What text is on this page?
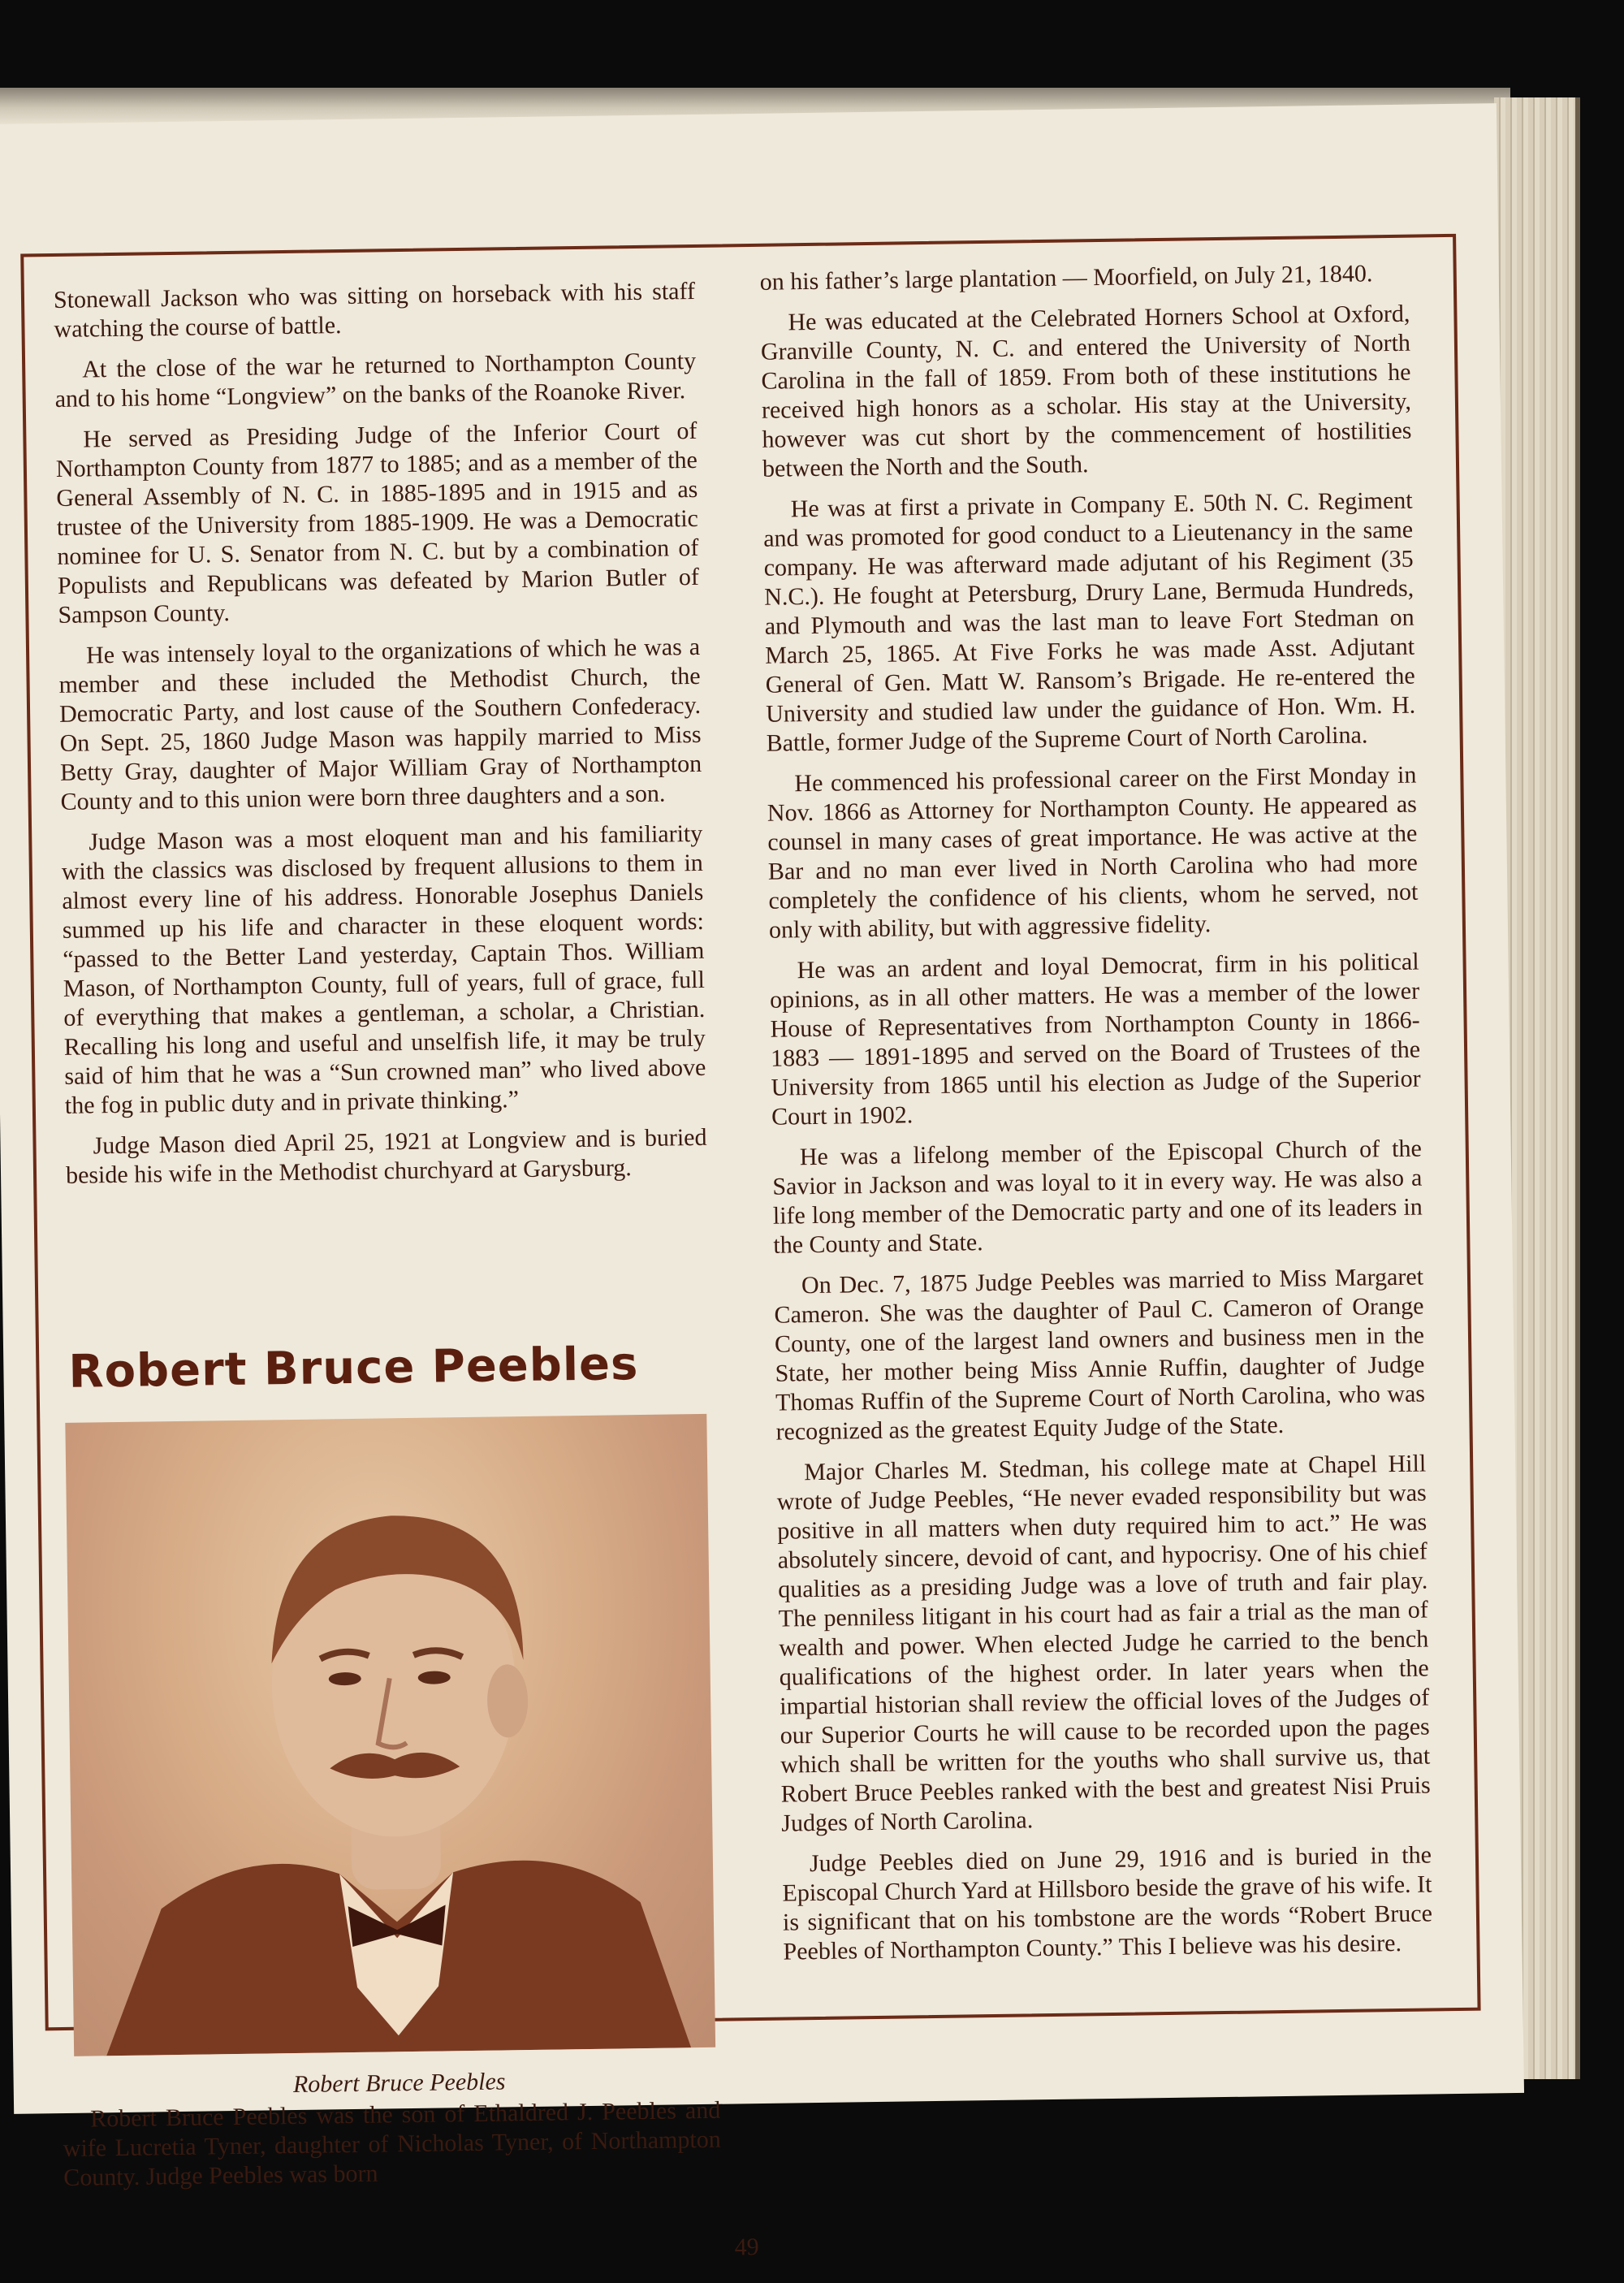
Stonewall Jackson who was sitting on horseback with his staff watching the course of battle.

At the close of the war he returned to Northampton County and to his home “Longview” on the banks of the Roanoke River.

He served as Presiding Judge of the Inferior Court of Northampton County from 1877 to 1885; and as a member of the General Assembly of N. C. in 1885-1895 and in 1915 and as trustee of the University from 1885-1909. He was a Democratic nominee for U. S. Senator from N. C. but by a combination of Populists and Republicans was defeated by Marion Butler of Sampson County.

He was intensely loyal to the organizations of which he was a member and these included the Methodist Church, the Democratic Party, and lost cause of the Southern Confederacy. On Sept. 25, 1860 Judge Mason was happily married to Miss Betty Gray, daughter of Major William Gray of Northampton County and to this union were born three daughters and a son.

Judge Mason was a most eloquent man and his familiarity with the classics was disclosed by frequent allusions to them in almost every line of his address. Honorable Josephus Daniels summed up his life and character in these eloquent words: “passed to the Better Land yesterday, Captain Thos. William Mason, of Northampton County, full of years, full of grace, full of everything that makes a gentleman, a scholar, a Christian. Recalling his long and useful and unselfish life, it may be truly said of him that he was a “Sun crowned man” who lived above the fog in public duty and in private thinking.”

Judge Mason died April 25, 1921 at Longview and is buried beside his wife in the Methodist churchyard at Garysburg.

Robert Bruce Peebles
Robert Bruce Peebles

Robert Bruce Peebles was the son of Ethaldred J. Peebles and wife Lucretia Tyner, daughter of Nicholas Tyner, of Northampton County. Judge Peebles was born

on his father’s large plantation — Moorfield, on July 21, 1840.

He was educated at the Celebrated Horners School at Oxford, Granville County, N. C. and entered the University of North Carolina in the fall of 1859. From both of these institutions he received high honors as a scholar. His stay at the University, however was cut short by the commencement of hostilities between the North and the South.

He was at first a private in Company E. 50th N. C. Regiment and was promoted for good conduct to a Lieutenancy in the same company. He was afterward made adjutant of his Regiment (35 N.C.). He fought at Petersburg, Drury Lane, Bermuda Hundreds, and Plymouth and was the last man to leave Fort Stedman on March 25, 1865. At Five Forks he was made Asst. Adjutant General of Gen. Matt W. Ransom’s Brigade. He re-entered the University and studied law under the guidance of Hon. Wm. H. Battle, former Judge of the Supreme Court of North Carolina.

He commenced his professional career on the First Monday in Nov. 1866 as Attorney for Northampton County. He appeared as counsel in many cases of great importance. He was active at the Bar and no man ever lived in North Carolina who had more completely the confidence of his clients, whom he served, not only with ability, but with aggressive fidelity.

He was an ardent and loyal Democrat, firm in his political opinions, as in all other matters. He was a member of the lower House of Representatives from Northampton County in 1866-1883 — 1891-1895 and served on the Board of Trustees of the University from 1865 until his election as Judge of the Superior Court in 1902.

He was a lifelong member of the Episcopal Church of the Savior in Jackson and was loyal to it in every way. He was also a life long member of the Democratic party and one of its leaders in the County and State.

On Dec. 7, 1875 Judge Peebles was married to Miss Margaret Cameron. She was the daughter of Paul C. Cameron of Orange County, one of the largest land owners and business men in the State, her mother being Miss Annie Ruffin, daughter of Judge Thomas Ruffin of the Supreme Court of North Carolina, who was recognized as the greatest Equity Judge of the State.

Major Charles M. Stedman, his college mate at Chapel Hill wrote of Judge Peebles, “He never evaded responsibility but was positive in all matters when duty required him to act.” He was absolutely sincere, devoid of cant, and hypocrisy. One of his chief qualities as a presiding Judge was a love of truth and fair play. The penniless litigant in his court had as fair a trial as the man of wealth and power. When elected Judge he carried to the bench qualifications of the highest order. In later years when the impartial historian shall review the official loves of the Judges of our Superior Courts he will cause to be recorded upon the pages which shall be written for the youths who shall survive us, that Robert Bruce Peebles ranked with the best and greatest Nisi Pruis Judges of North Carolina.

Judge Peebles died on June 29, 1916 and is buried in the Episcopal Church Yard at Hillsboro beside the grave of his wife. It is significant that on his tombstone are the words “Robert Bruce Peebles of Northampton County.” This I believe was his desire.

49
